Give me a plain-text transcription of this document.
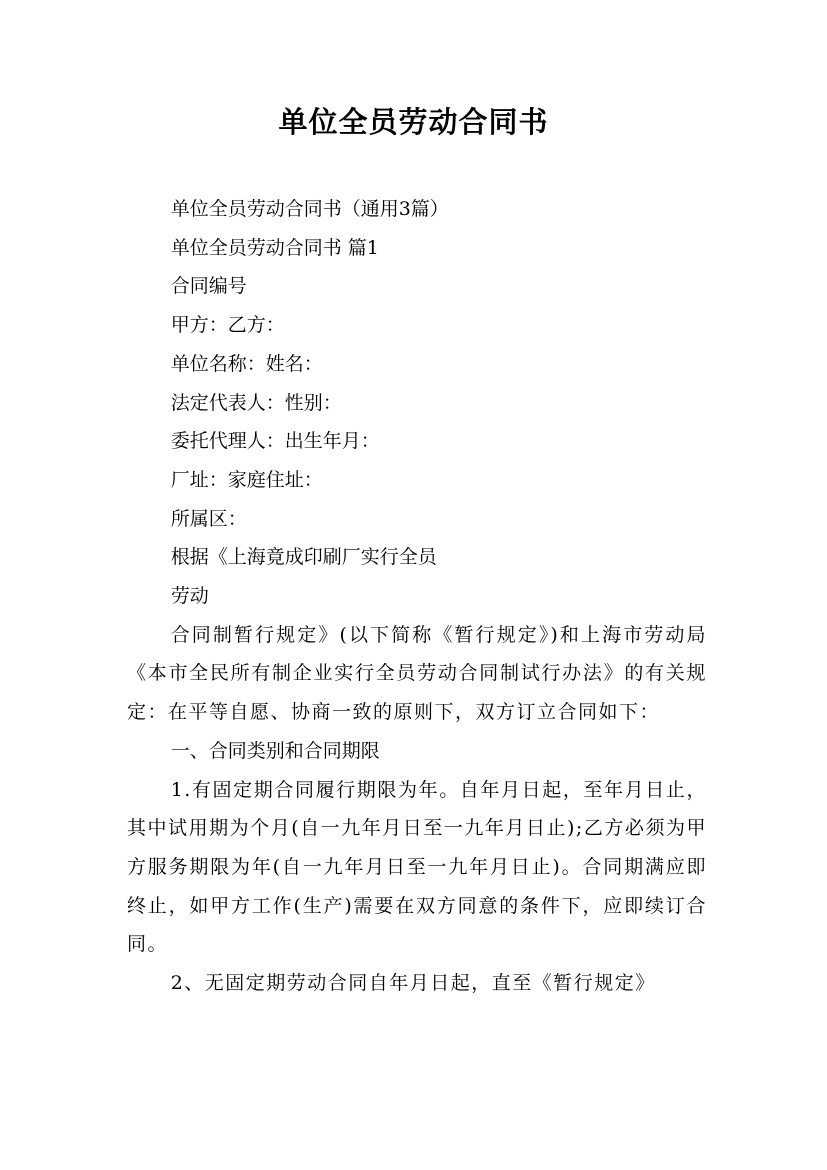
单位全员劳动合同书

单位全员劳动合同书（通用3篇）

单位全员劳动合同书 篇1

合同编号

甲方：乙方：

单位名称：姓名：

法定代表人：性别：

委托代理人：出生年月：

厂址：家庭住址：

所属区：

根据《上海竟成印刷厂实行全员

劳动

合同制暂行规定》(以下简称《暂行规定》)和上海市劳动局《本市全民所有制企业实行全员劳动合同制试行办法》的有关规定：在平等自愿、协商一致的原则下，双方订立合同如下：

一、合同类别和合同期限

1.有固定期合同履行期限为年。自年月日起，至年月日止，其中试用期为个月(自一九年月日至一九年月日止);乙方必须为甲方服务期限为年(自一九年月日至一九年月日止)。合同期满应即终止，如甲方工作(生产)需要在双方同意的条件下，应即续订合同。

2、无固定期劳动合同自年月日起，直至《暂行规定》
